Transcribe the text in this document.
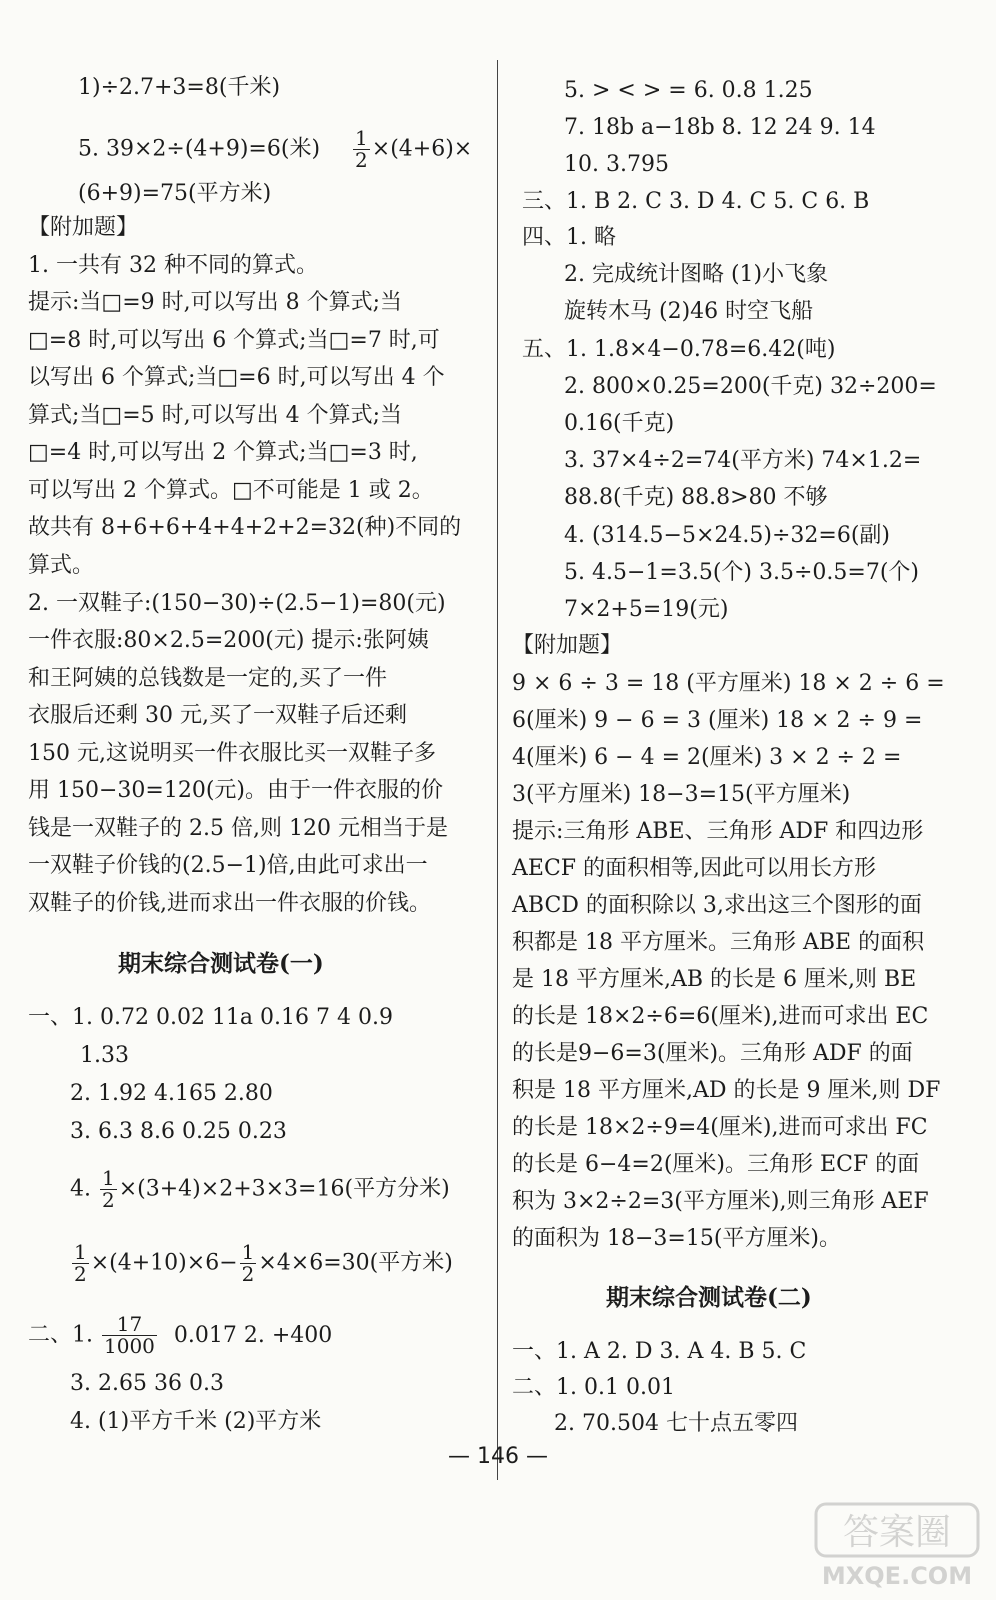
1)÷2.7+3=8(千米)
5. 39×2÷(4+9)=6(米) $\frac{1}{2} \times(4+6)\times$
(6+9)=75(平方米)
【附加题】
1. 一共有 32 种不同的算式。
提示:当□=9 时,可以写出 8 个算式;当
□=8 时,可以写出 6 个算式;当□=7 时,可
以写出 6 个算式;当□=6 时,可以写出 4 个
算式;当□=5 时,可以写出 4 个算式;当
□=4 时,可以写出 2 个算式;当□=3 时,
可以写出 2 个算式。□不可能是 1 或 2。
故共有 8+6+6+4+4+2+2=32(种)不同的
算式。
2. 一双鞋子:(150−30)÷(2.5−1)=80(元)
一件衣服:80×2.5=200(元) 提示:张阿姨
和王阿姨的总钱数是一定的,买了一件
衣服后还剩 30 元,买了一双鞋子后还剩
150 元,这说明买一件衣服比买一双鞋子多
用 150−30=120(元)。由于一件衣服的价
钱是一双鞋子的 2.5 倍,则 120 元相当于是
一双鞋子价钱的(2.5−1)倍,由此可求出一
双鞋子的价钱,进而求出一件衣服的价钱。
期末综合测试卷(一)
一、1. 0.72 0.02 11a 0.16 7 4 0.9
1.33
2. 1.92 4.165 2.80
3. 6.3 8.6 0.25 0.23
4. $\frac{1}{2} \times(3+4)\times 2+3\times 3=16$(平方分米)
$\frac{1}{2} \times(4+10)\times 6- \frac{1}{2} \times 4\times 6=30$(平方米)
二、1. $\frac{17}{1000} 0.017$ 2. +400
3. 2.65 36 0.3
4. (1)平方千米 (2)平方米
5. > < > = 6. 0.8 1.25
7. 18b a−18b 8. 12 24 9. 14
10. 3.795
三、1. B 2. C 3. D 4. C 5. C 6. B
四、1. 略
2. 完成统计图略 (1)小飞象
旋转木马 (2)46 时空飞船
五、1. 1.8×4−0.78=6.42(吨)
2. 800×0.25=200(千克) 32÷200=
0.16(千克)
3. 37×4÷2=74(平方米) 74×1.2=
88.8(千克) 88.8>80 不够
4. (314.5−5×24.5)÷32=6(副)
5. 4.5−1=3.5(个) 3.5÷0.5=7(个)
7×2+5=19(元)
【附加题】
9 × 6 ÷ 3 = 18 (平方厘米) 18 × 2 ÷ 6 =
6(厘米) 9 − 6 = 3 (厘米) 18 × 2 ÷ 9 =
4(厘米) 6 − 4 = 2(厘米) 3 × 2 ÷ 2 =
3(平方厘米) 18−3=15(平方厘米)
提示:三角形 ABE、三角形 ADF 和四边形
AECF 的面积相等,因此可以用长方形
ABCD 的面积除以 3,求出这三个图形的面
积都是 18 平方厘米。三角形 ABE 的面积
是 18 平方厘米,AB 的长是 6 厘米,则 BE
的长是 18×2÷6=6(厘米),进而可求出 EC
的长是9−6=3(厘米)。三角形 ADF 的面
积是 18 平方厘米,AD 的长是 9 厘米,则 DF
的长是 18×2÷9=4(厘米),进而可求出 FC
的长是 6−4=2(厘米)。三角形 ECF 的面
积为 3×2÷2=3(平方厘米),则三角形 AEF
的面积为 18−3=15(平方厘米)。
期末综合测试卷(二)
一、1. A 2. D 3. A 4. B 5. C
二、1. 0.1 0.01
2. 70.504 七十点五零四
— 146 —
答案圈
MXQE.COM
